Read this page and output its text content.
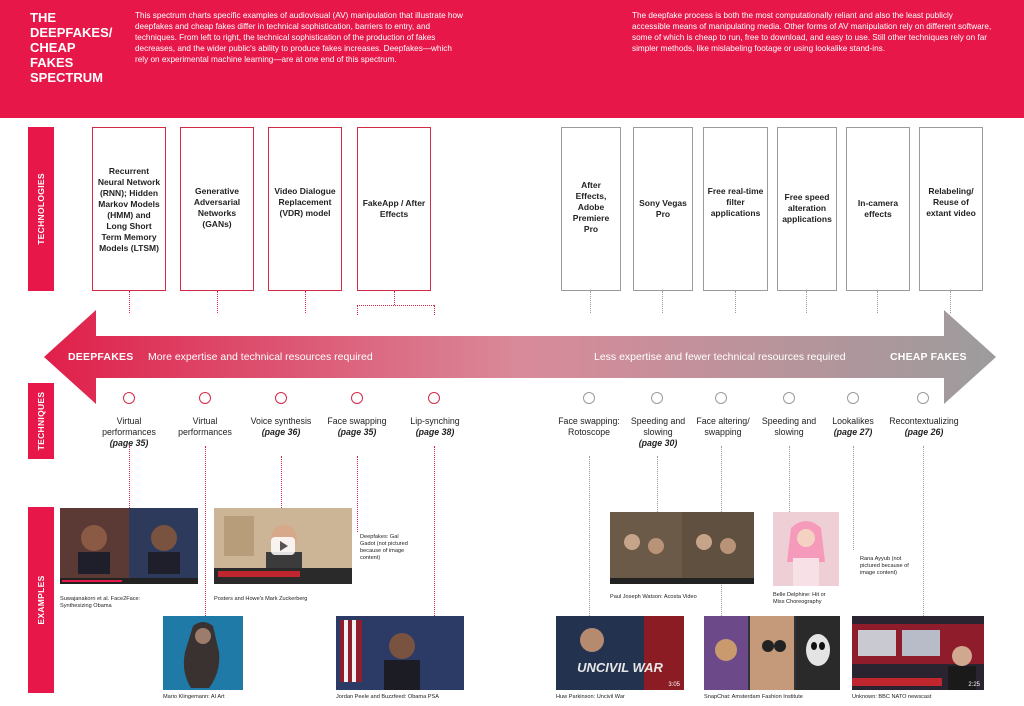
THE DEEPFAKES/ CHEAP FAKES SPECTRUM
This spectrum charts specific examples of audiovisual (AV) manipulation that illustrate how deepfakes and cheap fakes differ in technical sophistication, barriers to entry, and techniques. From left to right, the technical sophistication of the production of fakes decreases, and the wider public's ability to produce fakes increases. Deepfakes—which rely on experimental machine learning—are at one end of this spectrum.
The deepfake process is both the most computationally reliant and also the least publicly accessible means of manipulating media. Other forms of AV manipulation rely on different software, some of which is cheap to run, free to download, and easy to use. Still other techniques rely on far simpler methods, like mislabeling footage or using lookalike stand-ins.
TECHNOLOGIES
TECHNIQUES
EXAMPLES
Recurrent Neural Network (RNN); Hidden Markov Models (HMM) and Long Short Term Memory Models (LTSM)
Generative Adversarial Networks (GANs)
Video Dialogue Replacement (VDR) model
FakeApp / After Effects
After Effects, Adobe Premiere Pro
Sony Vegas Pro
Free real-time filter applications
Free speed alteration applications
In-camera effects
Relabeling/ Reuse of extant video
DEEPFAKES More expertise and technical resources required	Less expertise and fewer technical resources required	CHEAP FAKES
Virtual performances
(page 35)
Virtual performances
Voice synthesis
(page 36)
Face swapping
(page 35)
Lip-synching
(page 38)
Face swapping: Rotoscope
Speeding and slowing
(page 30)
Face altering/ swapping
Speeding and slowing
Lookalikes
(page 27)
Recontextualizing
(page 26)
Suwajanakorn et al. Face2Face: Synthesizing Obama
Posters and Howe's Mark Zuckerberg
Deepfakes: Gal Gadot (not pictured because of image content)
Mario Klingemann: AI Art	Jordan Peele and Buzzfeed: Obama PSA
Paul Joseph Watson: Acosta Video	Belle Delphine: Hit or Miss Choreography
Rana Ayyub (not pictured because of image content)
UNCIVIL WAR
3:05
Huw Parkinson: Uncivil War	SnapChat: Amsterdam Fashion Institute
2:25
Unknown: BBC NATO newscast
